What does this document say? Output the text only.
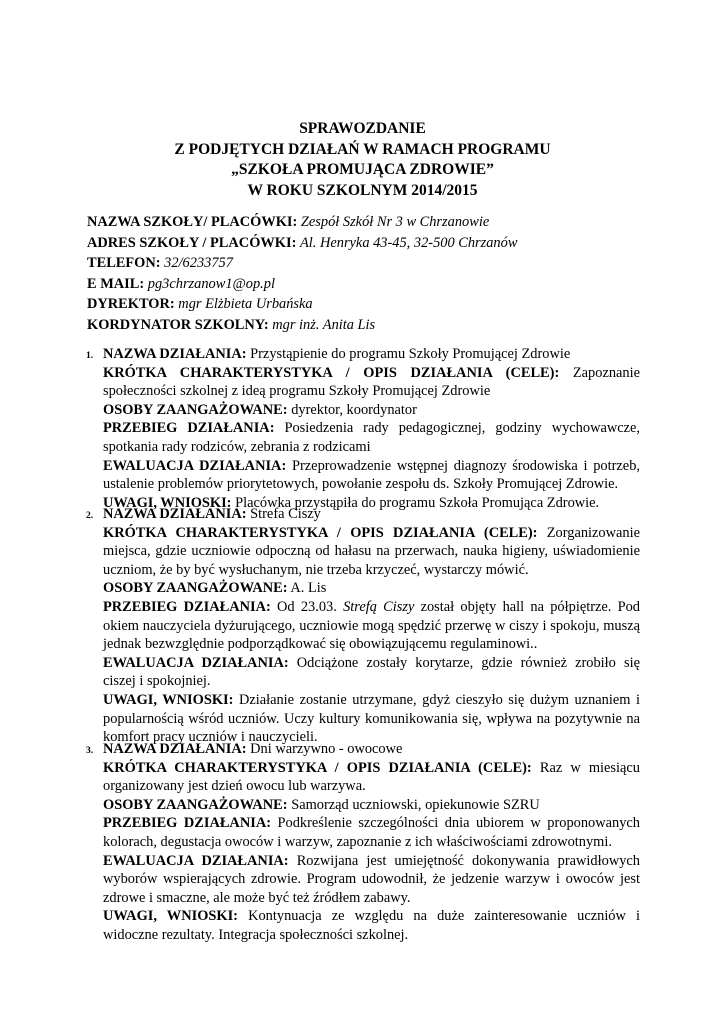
SPRAWOZDANIE
Z PODJĘTYCH DZIAŁAŃ W RAMACH PROGRAMU
„SZKOŁA PROMUJĄCA ZDROWIE”
W ROKU SZKOLNYM 2014/2015
NAZWA SZKOŁY/ PLACÓWKI: Zespół Szkół Nr 3 w Chrzanowie
ADRES SZKOŁY / PLACÓWKI: Al. Henryka 43-45, 32-500 Chrzanów
TELEFON: 32/6233757
E MAIL: pg3chrzanow1@op.pl
DYREKTOR: mgr Elżbieta Urbańska
KORDYNATOR SZKOLNY: mgr inż. Anita Lis
1. NAZWA DZIAŁANIA: Przystąpienie do programu Szkoły Promującej Zdrowie

KRÓTKA CHARAKTERYSTYKA / OPIS DZIAŁANIA (CELE): Zapoznanie społeczności szkolnej z ideą programu Szkoły Promującej Zdrowie

OSOBY ZAANGAŻOWANE: dyrektor, koordynator

PRZEBIEG DZIAŁANIA: Posiedzenia rady pedagogicznej, godziny wychowawcze, spotkania rady rodziców, zebrania z rodzicami

EWALUACJA DZIAŁANIA: Przeprowadzenie wstępnej diagnozy środowiska i potrzeb, ustalenie problemów priorytetowych, powołanie zespołu ds. Szkoły Promującej Zdrowie.

UWAGI, WNIOSKI: Placówka przystąpiła do programu Szkoła Promująca Zdrowie.

2. NAZWA DZIAŁANIA: Strefa Ciszy

KRÓTKA CHARAKTERYSTYKA / OPIS DZIAŁANIA (CELE): Zorganizowanie miejsca, gdzie uczniowie odpoczną od hałasu na przerwach, nauka higieny, uświadomienie uczniom, że by być wysłuchanym, nie trzeba krzyczeć, wystarczy mówić.

OSOBY ZAANGAŻOWANE: A. Lis

PRZEBIEG DZIAŁANIA: Od 23.03. Strefą Ciszy został objęty hall na półpiętrze. Pod okiem nauczyciela dyżurującego, uczniowie mogą spędzić przerwę w ciszy i spokoju, muszą jednak bezwzględnie podporządkować się obowiązującemu regulaminowi..

EWALUACJA DZIAŁANIA: Odciążone zostały korytarze, gdzie również zrobiło się ciszej i spokojniej.

UWAGI, WNIOSKI: Działanie zostanie utrzymane, gdyż cieszyło się dużym uznaniem i popularnością wśród uczniów. Uczy kultury komunikowania się, wpływa na pozytywnie na komfort pracy uczniów i nauczycieli.

3. NAZWA DZIAŁANIA: Dni warzywno - owocowe

KRÓTKA CHARAKTERYSTYKA / OPIS DZIAŁANIA (CELE): Raz w miesiącu organizowany jest dzień owocu lub warzywa.

OSOBY ZAANGAŻOWANE: Samorząd uczniowski, opiekunowie SZRU

PRZEBIEG DZIAŁANIA: Podkreślenie szczególności dnia ubiorem w proponowanych kolorach, degustacja owoców i warzyw, zapoznanie z ich właściwościami zdrowotnymi.

EWALUACJA DZIAŁANIA: Rozwijana jest umiejętność dokonywania prawidłowych wyborów wspierających zdrowie. Program udowodnił, że jedzenie warzyw i owoców jest zdrowe i smaczne, ale może być też źródłem zabawy.

UWAGI, WNIOSKI: Kontynuacja ze względu na duże zainteresowanie uczniów i widoczne rezultaty. Integracja społeczności szkolnej.
